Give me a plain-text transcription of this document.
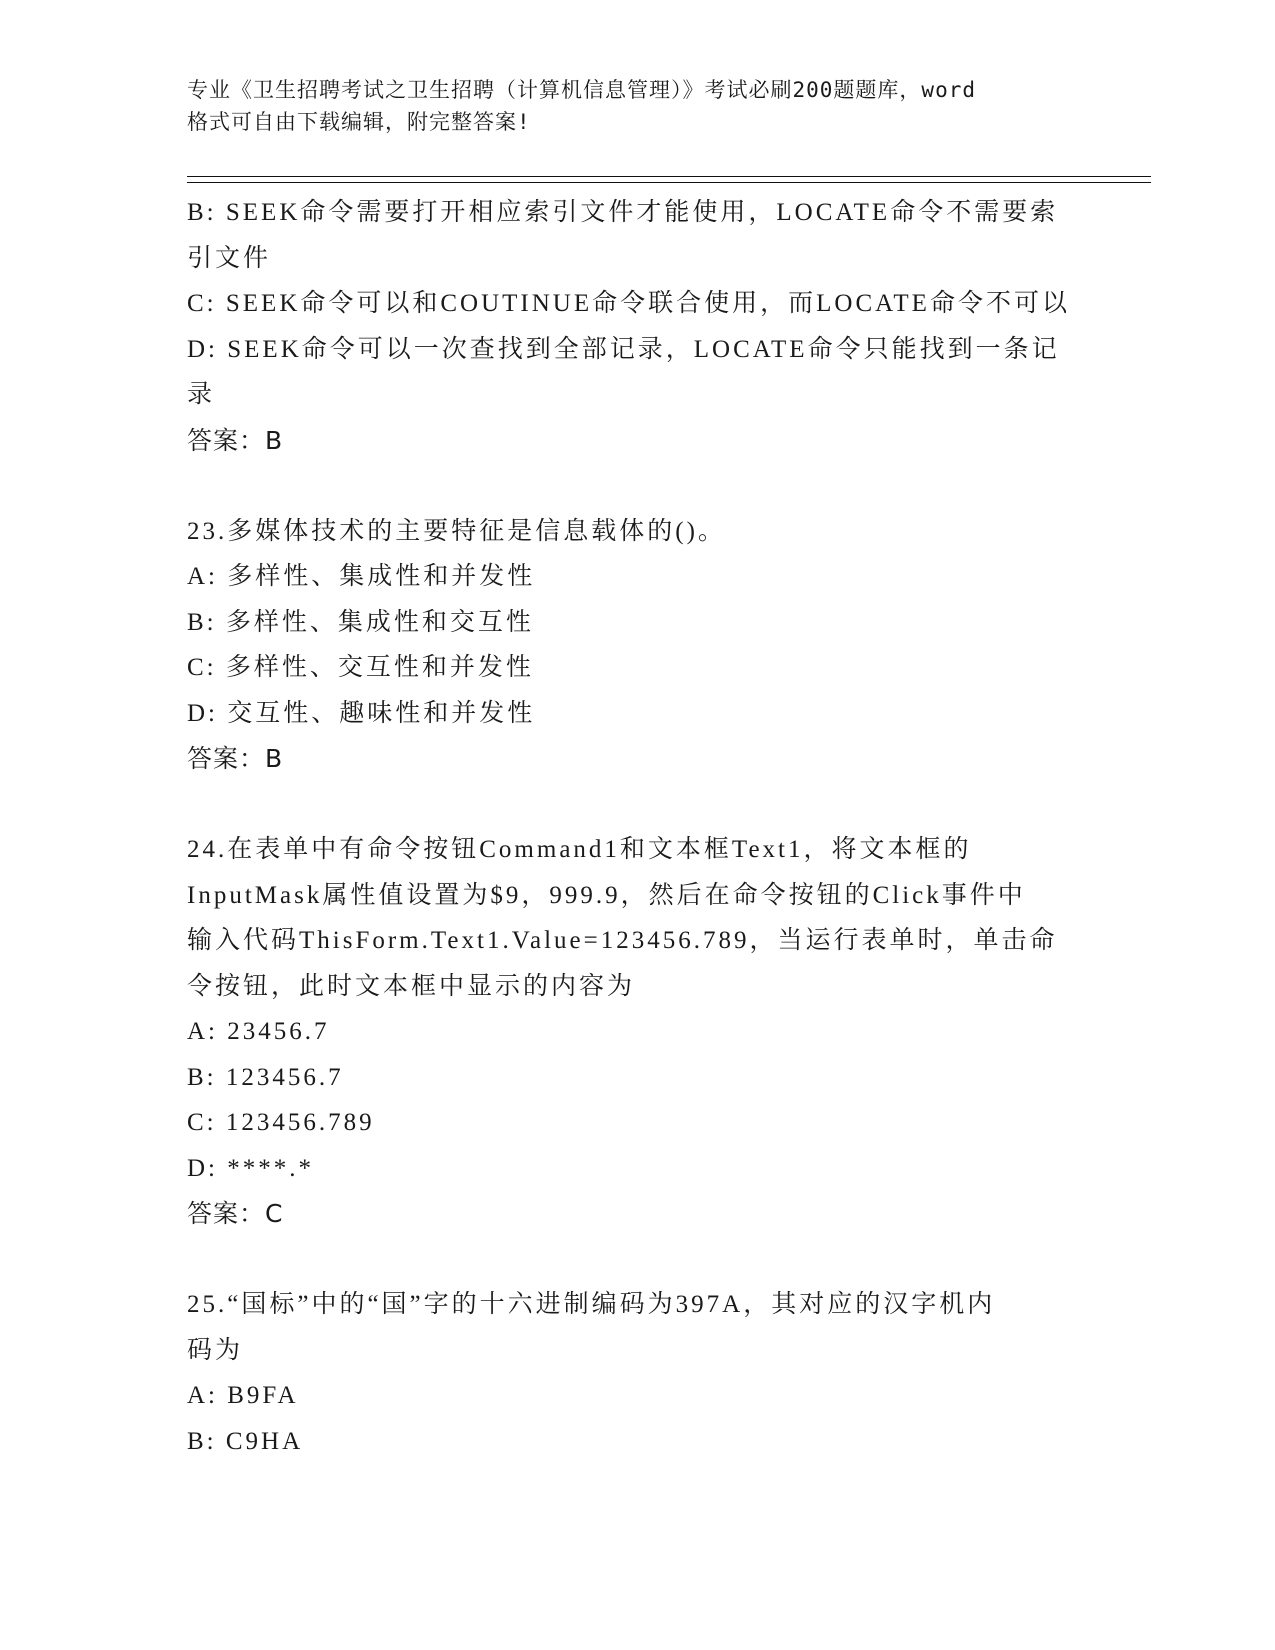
专业《卫生招聘考试之卫生招聘（计算机信息管理）》考试必刷200题题库，word
格式可自由下载编辑，附完整答案!

B: SEEK命令需要打开相应索引文件才能使用，LOCATE命令不需要索

引文件

C: SEEK命令可以和COUTINUE命令联合使用，而LOCATE命令不可以

D: SEEK命令可以一次查找到全部记录，LOCATE命令只能找到一条记

录

答案：B

23.多媒体技术的主要特征是信息载体的()。

A: 多样性、集成性和并发性

B: 多样性、集成性和交互性

C: 多样性、交互性和并发性

D: 交互性、趣味性和并发性

答案：B

24.在表单中有命令按钮Command1和文本框Text1，将文本框的

InputMask属性值设置为$9，999.9，然后在命令按钮的Click事件中

输入代码ThisForm.Text1.Value=123456.789，当运行表单时，单击命

令按钮，此时文本框中显示的内容为

A: 23456.7

B: 123456.7

C: 123456.789

D: ****.*

答案：C

25.“国标”中的“国”字的十六进制编码为397A，其对应的汉字机内

码为

A: B9FA

B: C9HA
